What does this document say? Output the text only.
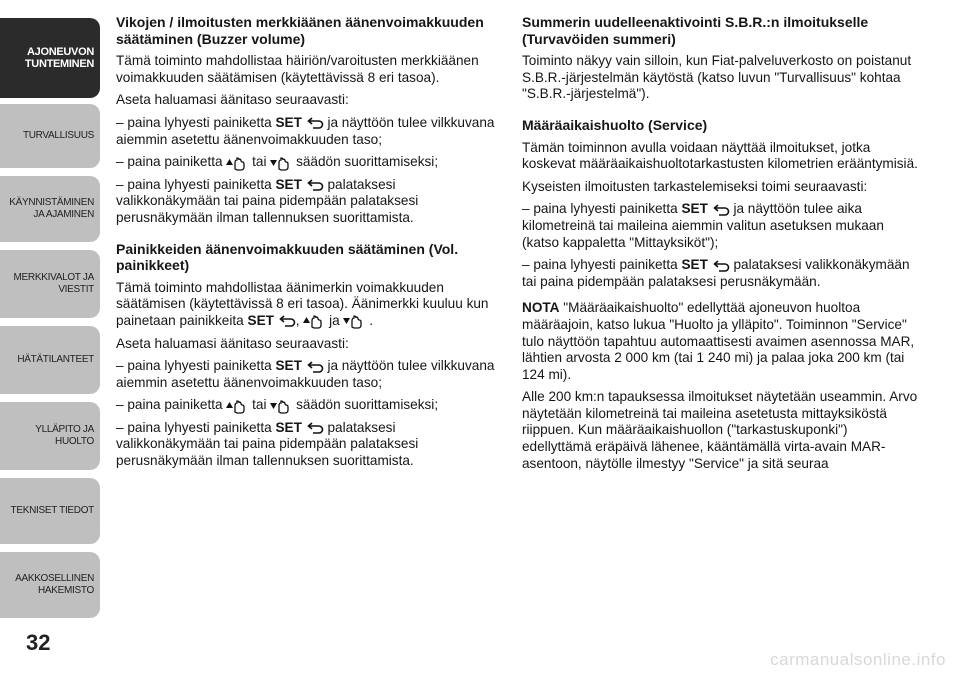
AJONEUVON
TUNTEMINEN
TURVALLISUUS
KÄYNNISTÄMINEN
JA AJAMINEN
MERKKIVALOT JA
VIESTIT
HÄTÄTILANTEET
YLLÄPITO JA HUOLTO
TEKNISET TIEDOT
AAKKOSELLINEN
HAKEMISTO
32
Vikojen / ilmoitusten merkkiäänen äänenvoimakkuuden säätäminen (Buzzer volume)

Tämä toiminto mahdollistaa häiriön/varoitusten merkkiäänen voimakkuuden säätämisen (käytettävissä 8 eri tasoa).

Aseta haluamasi äänitaso seuraavasti:

– paina lyhyesti painiketta SET ja näyttöön tulee vilkkuvana aiemmin asetettu äänenvoimakkuuden taso;

– paina painiketta tai säädön suorittamiseksi;

– paina lyhyesti painiketta SET palataksesi valikkonäkymään tai paina pidempään palataksesi perusnäkymään ilman tallennuksen suorittamista.

Painikkeiden äänenvoimakkuuden säätäminen (Vol. painikkeet)

Tämä toiminto mahdollistaa äänimerkin voimakkuuden säätämisen (käytettävissä 8 eri tasoa). Äänimerkki kuuluu kun painetaan painikkeita SET , ja .

Aseta haluamasi äänitaso seuraavasti:

– paina lyhyesti painiketta SET ja näyttöön tulee vilkkuvana aiemmin asetettu äänenvoimakkuuden taso;

– paina painiketta tai säädön suorittamiseksi;

– paina lyhyesti painiketta SET palataksesi valikkonäkymään tai paina pidempään palataksesi perusnäkymään ilman tallennuksen suorittamista.

Summerin uudelleenaktivointi S.B.R.:n ilmoitukselle (Turvavöiden summeri)

Toiminto näkyy vain silloin, kun Fiat-palveluverkosto on poistanut S.B.R.-järjestelmän käytöstä (katso luvun "Turvallisuus" kohtaa "S.B.R.-järjestelmä").

Määräaikaishuolto (Service)

Tämän toiminnon avulla voidaan näyttää ilmoitukset, jotka koskevat määräaikaishuoltotarkastusten kilometrien erääntymisiä.

Kyseisten ilmoitusten tarkastelemiseksi toimi seuraavasti:

– paina lyhyesti painiketta SET ja näyttöön tulee aika kilometreinä tai maileina aiemmin valitun asetuksen mukaan (katso kappaletta "Mittayksiköt");

– paina lyhyesti painiketta SET palataksesi valikkonäkymään tai paina pidempään palataksesi perusnäkymään.

NOTA "Määräaikaishuolto" edellyttää ajoneuvon huoltoa määräajoin, katso lukua "Huolto ja ylläpito". Toiminnon "Service" tulo näyttöön tapahtuu automaattisesti avaimen asennossa MAR, lähtien arvosta 2 000 km (tai 1 240 mi) ja palaa joka 200 km (tai 124 mi).

Alle 200 km:n tapauksessa ilmoitukset näytetään useammin. Arvo näytetään kilometreinä tai maileina asetetusta mittayksiköstä riippuen. Kun määräaikaishuollon ("tarkastuskuponki") edellyttämä eräpäivä lähenee, kääntämällä virta-avain MAR-asentoon, näytölle ilmestyy "Service" ja sitä seuraa

carmanualsonline.info
